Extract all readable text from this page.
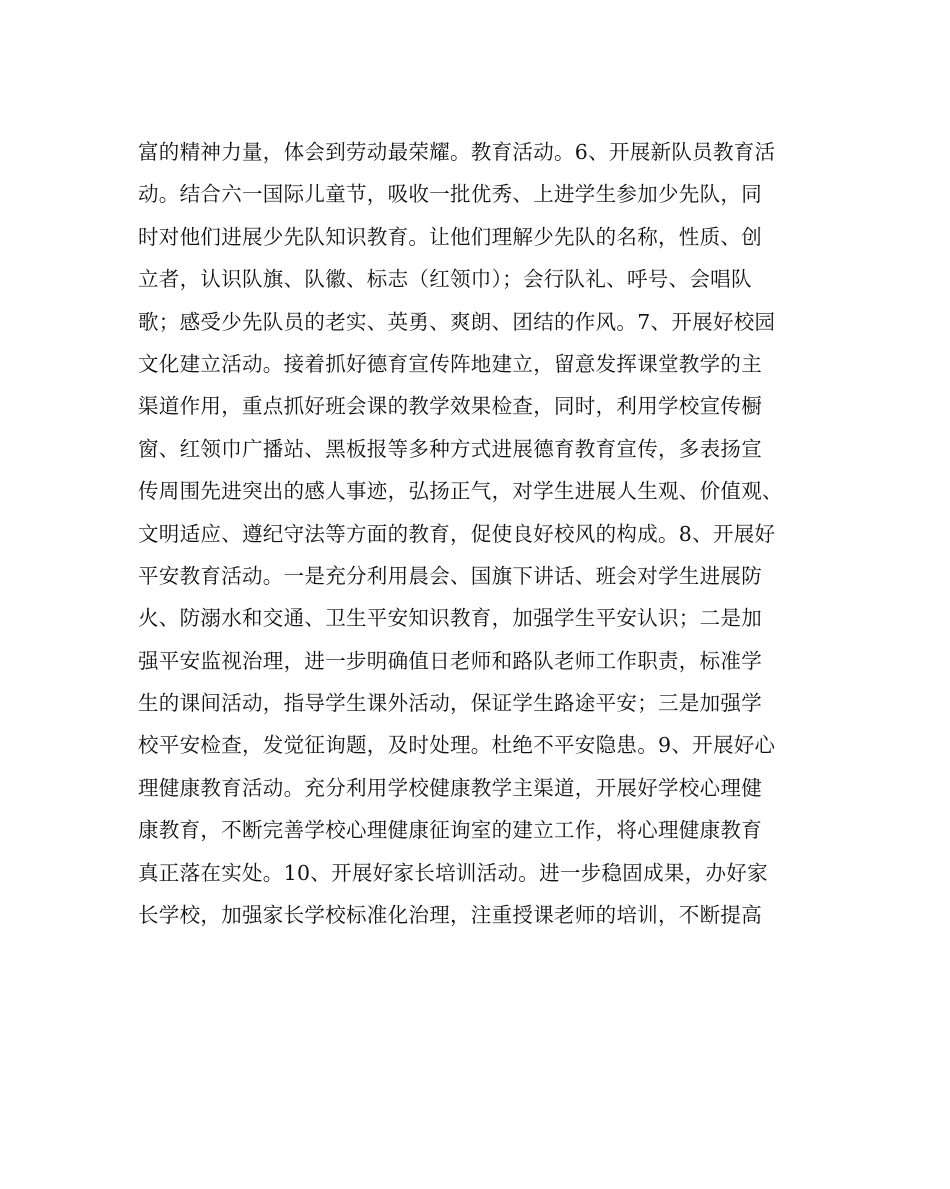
富的精神力量，体会到劳动最荣耀。教育活动。6、开展新队员教育活
动。结合六一国际儿童节，吸收一批优秀、上进学生参加少先队，同
时对他们进展少先队知识教育。让他们理解少先队的名称，性质、创
立者，认识队旗、队徽、标志（红领巾）；会行队礼、呼号、会唱队
歌；感受少先队员的老实、英勇、爽朗、团结的作风。7、开展好校园
文化建立活动。接着抓好德育宣传阵地建立，留意发挥课堂教学的主
渠道作用，重点抓好班会课的教学效果检查，同时，利用学校宣传橱
窗、红领巾广播站、黑板报等多种方式进展德育教育宣传，多表扬宣
传周围先进突出的感人事迹，弘扬正气，对学生进展人生观、价值观、
文明适应、遵纪守法等方面的教育，促使良好校风的构成。8、开展好
平安教育活动。一是充分利用晨会、国旗下讲话、班会对学生进展防
火、防溺水和交通、卫生平安知识教育，加强学生平安认识；二是加
强平安监视治理，进一步明确值日老师和路队老师工作职责，标准学
生的课间活动，指导学生课外活动，保证学生路途平安；三是加强学
校平安检查，发觉征询题，及时处理。杜绝不平安隐患。9、开展好心
理健康教育活动。充分利用学校健康教学主渠道，开展好学校心理健
康教育，不断完善学校心理健康征询室的建立工作，将心理健康教育
真正落在实处。10、开展好家长培训活动。进一步稳固成果，办好家
长学校，加强家长学校标准化治理，注重授课老师的培训，不断提高
